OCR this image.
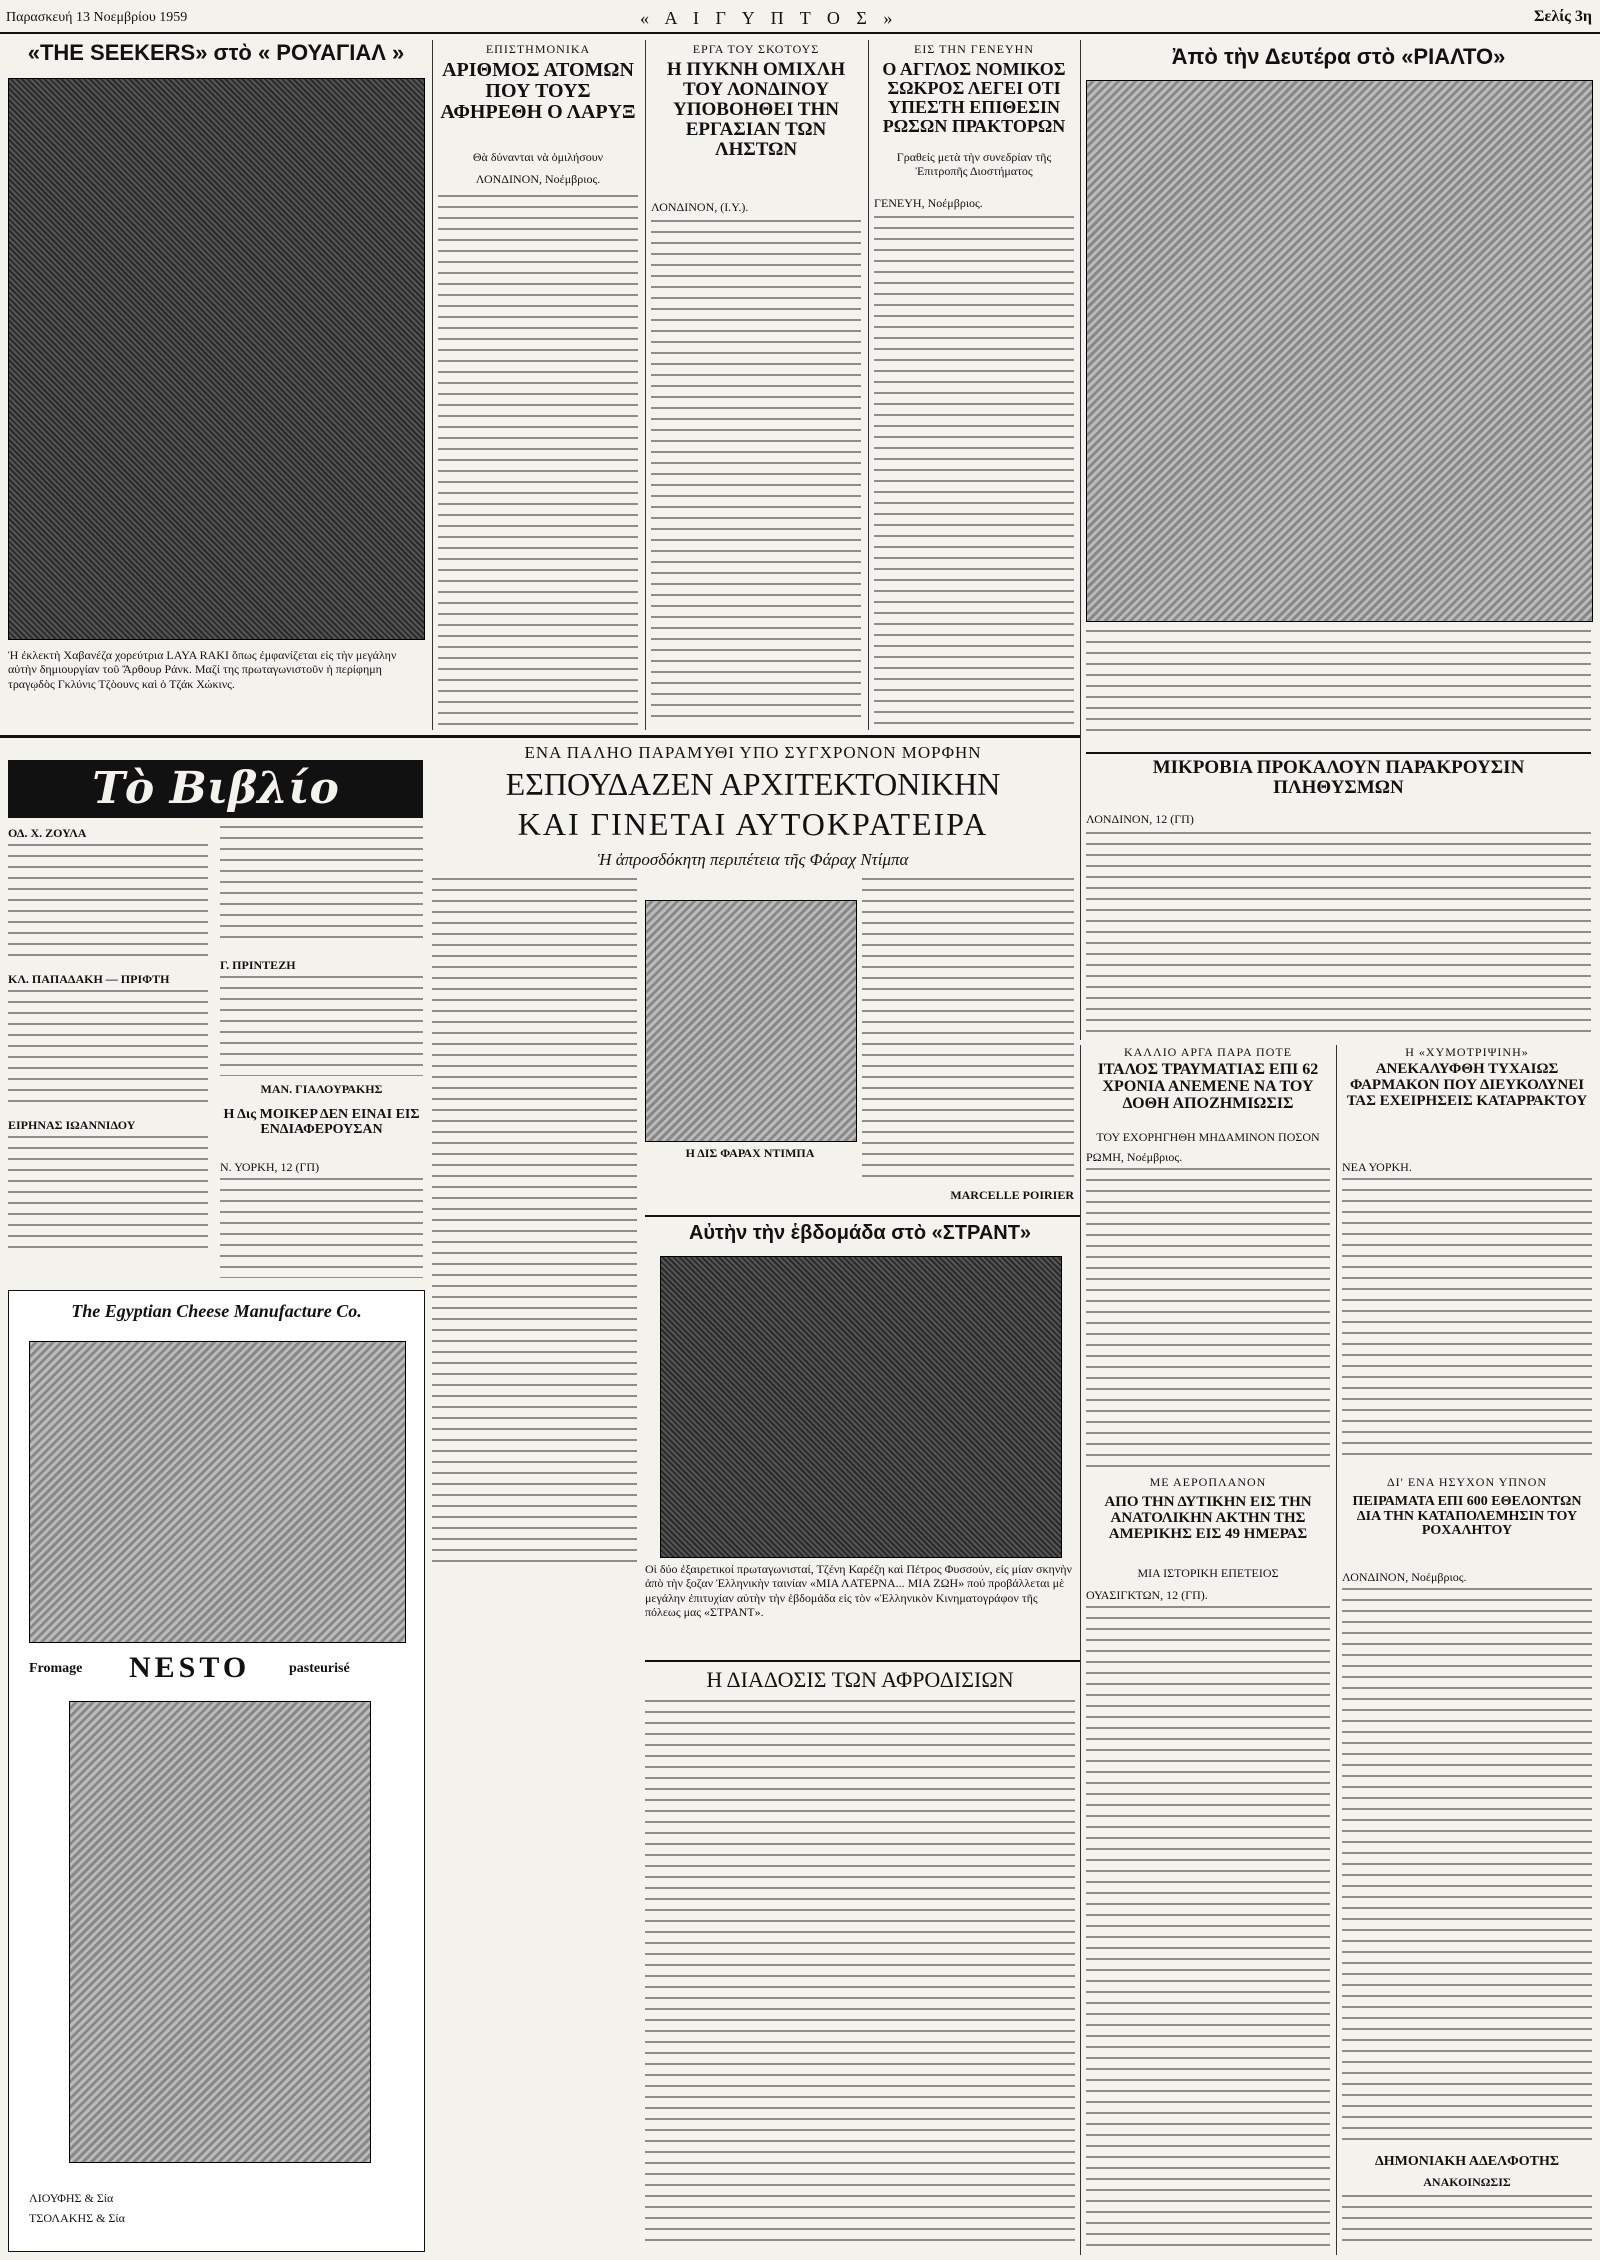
Παρασκευή 13 Νοεμβρίου 1959	« Α Ι Γ Υ Π Τ Ο Σ »	Σελίς 3η
«THE SEEKERS» στὸ « ΡΟΥΑΓΙΑΛ »
Ἡ ἐκλεκτὴ Χαβανέζα χορεύτρια LAYA RAKI ὅπως ἐμφανίζεται εἰς τὴν μεγάλην αὐτὴν δημιουργίαν τοῦ Ἄρθουρ Ράνκ. Μαζί της πρωταγωνιστοῦν ἡ περίφημη τραγῳδὸς Γκλύνις Τζὸουνς καὶ ὁ Τζάκ Χώκινς.
ΕΠΙΣΤΗΜΟΝΙΚΑ
ΑΡΙΘΜΟΣ ΑΤΟΜΩΝ ΠΟΥ ΤΟΥΣ ΑΦΗΡΕΘΗ Ο ΛΑΡΥΞ
Θὰ δύνανται νὰ ὁμιλήσουν
ΛΟΝΔΙΝΟΝ, Νοέμβριος.
ΕΡΓΑ ΤΟΥ ΣΚΟΤΟΥΣ
Η ΠΥΚΝΗ ΟΜΙΧΛΗ ΤΟΥ ΛΟΝΔΙΝΟΥ ΥΠΟΒΟΗΘΕΙ ΤΗΝ ΕΡΓΑΣΙΑΝ ΤΩΝ ΛΗΣΤΩΝ
ΛΟΝΔΙΝΟΝ, (Ι.Υ.).
ΕΙΣ ΤΗΝ ΓΕΝΕΥΗΝ
Ο ΑΓΓΛΟΣ ΝΟΜΙΚΟΣ ΣΩΚΡΟΣ ΛΕΓΕΙ ΟΤΙ ΥΠΕΣΤΗ ΕΠΙΘΕΣΙΝ ΡΩΣΩΝ ΠΡΑΚΤΟΡΩΝ
Γραθείς μετὰ τὴν συνεδρίαν τῆς Ἐπιτροπῆς Διοστήματος
ΓΕΝΕΥΗ, Νοέμβριος.
Ἀπὸ τὴν Δευτέρα στὸ «ΡΙΑΛΤΟ»
ΜΙΚΡΟΒΙΑ ΠΡΟΚΑΛΟΥΝ ΠΑΡΑΚΡΟΥΣΙΝ ΠΛΗΘΥΣΜΩΝ
ΛΟΝΔΙΝΟΝ, 12 (ΓΠ)
ΕΝΑ ΠΑΛΗΟ ΠΑΡΑΜΥΘΙ ΥΠΟ ΣΥΓΧΡΟΝΟΝ ΜΟΡΦΗΝ
ΕΣΠΟΥΔΑΖΕΝ ΑΡΧΙΤΕΚΤΟΝΙΚΗΝ
ΚΑΙ ΓΙΝΕΤΑΙ ΑΥΤΟΚΡΑΤΕΙΡΑ
Ἡ ἀπροσδόκητη περιπέτεια τῆς Φάραχ Ντίμπα
Η ΔΙΣ ΦΑΡΑΧ ΝΤΙΜΠΑ
MARCELLE POIRIER
Αὐτὴν τὴν ἑβδομάδα στὸ «ΣΤΡΑΝΤ»
Οἱ δύο ἐξαιρετικοί πρωταγωνισταί, Τζένη Καρέζη καὶ Πέτρος Φυσσούν, εἰς μίαν σκηνὴν ἀπὸ τὴν ξοζαν Ἑλληνικὴν ταινίαν «ΜΙΑ ΛΑΤΕΡΝΑ... ΜΙΑ ΖΩΗ» πού προβάλλεται μὲ μεγάλην ἐπιτυχίαν αὐτὴν τὴν ἑβδομάδα εἰς τὸν «Ἑλληνικὸν Κινηματογράφον τῆς πόλεως μας «ΣΤΡΑΝΤ».
Η ΔΙΑΔΟΣΙΣ ΤΩΝ ΑΦΡΟΔΙΣΙΩΝ
Τὸ Βιβλίο
ΟΔ. Χ. ΖΟΥΛΑ
ΚΛ. ΠΑΠΑΔΑΚΗ — ΠΡΙΦΤΗ
ΕΙΡΗΝΑΣ ΙΩΑΝΝΙΔΟΥ
Γ. ΠΡΙΝΤΕΖΗ
ΜΑΝ. ΓΙΑΛΟΥΡΑΚΗΣ
Η Δις ΜΟΙΚΕΡ ΔΕΝ ΕΙΝΑΙ ΕΙΣ ΕΝΔΙΑΦΕΡΟΥΣΑΝ
Ν. ΥΟΡΚΗ, 12 (ΓΠ)
The Egyptian Cheese Manufacture Co.
Fromage NESTO	pasteurisé
ΛΙΟΥΦΗΣ & Σία
ΤΣΟΛΑΚΗΣ & Σία
ΚΑΛΛΙΟ ΑΡΓΑ ΠΑΡΑ ΠΟΤΕ
ΙΤΑΛΟΣ ΤΡΑΥΜΑΤΙΑΣ ΕΠΙ 62 ΧΡΟΝΙΑ ΑΝΕΜΕΝΕ ΝΑ ΤΟΥ ΔΟΘΗ ΑΠΟΖΗΜΙΩΣΙΣ
ΤΟΥ ΕΧΟΡΗΓΗΘΗ ΜΗΔΑΜΙΝΟΝ ΠΟΣΟΝ
ΡΩΜΗ, Νοέμβριος.
ΜΕ ΑΕΡΟΠΛΑΝΟΝ
ΑΠΟ ΤΗΝ ΔΥΤΙΚΗΝ ΕΙΣ ΤΗΝ ΑΝΑΤΟΛΙΚΗΝ ΑΚΤΗΝ ΤΗΣ ΑΜΕΡΙΚΗΣ ΕΙΣ 49 ΗΜΕΡΑΣ
ΜΙΑ ΙΣΤΟΡΙΚΗ ΕΠΕΤΕΙΟΣ
ΟΥΑΣΙΓΚΤΩΝ, 12 (ΓΠ).
Η «ΧΥΜΟΤΡΙΨΙΝΗ»
ΑΝΕΚΑΛΥΦΘΗ ΤΥΧΑΙΩΣ ΦΑΡΜΑΚΟΝ ΠΟΥ ΔΙΕΥΚΟΛΥΝΕΙ ΤΑΣ ΕΧΕΙΡΗΣΕΙΣ ΚΑΤΑΡΡΑΚΤΟΥ
ΝΕΑ ΥΟΡΚΗ.
ΔΙ' ΕΝΑ ΗΣΥΧΟΝ ΥΠΝΟΝ
ΠΕΙΡΑΜΑΤΑ ΕΠΙ 600 ΕΘΕΛΟΝΤΩΝ ΔΙΑ ΤΗΝ ΚΑΤΑΠΟΛΕΜΗΣΙΝ ΤΟΥ ΡΟΧΑΛΗΤΟΥ
ΛΟΝΔΙΝΟΝ, Νοέμβριος.
ΔΗΜΟΝΙΑΚΗ ΑΔΕΛΦΟΤΗΣ
ΑΝΑΚΟΙΝΩΣΙΣ
